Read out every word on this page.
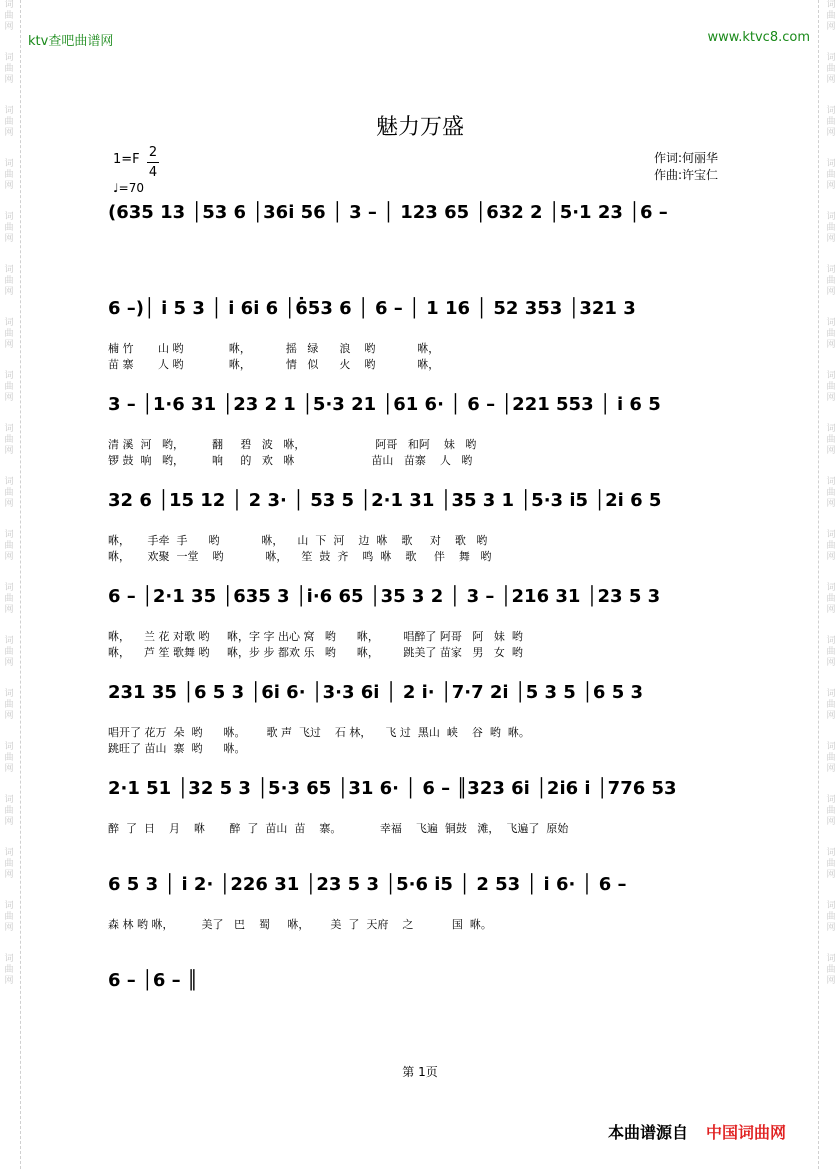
词
曲
网
词
曲
网
词
曲
网
词
曲
网
词
曲
网
词
曲
网
词
曲
网
词
曲
网
词
曲
网
词
曲
网
词
曲
网
词
曲
网
词
曲
网
词
曲
网
词
曲
网
词
曲
网
词
曲
网
词
曲
网
词
曲
网
词
曲
网
词
曲
网
词
曲
网
词
曲
网
词
曲
网
词
曲
网
词
曲
网
词
曲
网
词
曲
网
词
曲
网
词
曲
网
词
曲
网
词
曲
网
词
曲
网
词
曲
网
词
曲
网
词
曲
网
词
曲
网
词
曲
网
ktv查吧曲谱网	www.ktvc8.com
魅力万盛
1=F 2
4
♩=70
作词:何丽华
作曲:许宝仁
(635 13 │53 6 │36i 56 │ 3 – │ 123 65 │632 2 │5·1 23 │6 –
6 –)│ i 5 3 │ i 6i 6 │6̇53 6 │ 6 – │ 1 16 │ 52 353 │321 3
楠 竹       山 哟             咻，          摇   绿      浪    哟            咻，
苗 寨       人 哟             咻，          情   似      火    哟            咻，
3 – │1·6 31 │23 2 1 │5·3 21 │61 6· │ 6 – │221 553 │ i 6 5
清 溪  河   哟，        翻     碧   波   咻，                    阿哥   和阿    妹   哟
锣 鼓  响   哟，        响     的   欢   咻                      苗山   苗寨    人   哟
32 6 │15 12 │ 2 3· │ 53 5 │2·1 31 │35 3 1 │5·3 i5 │2i 6 5
咻，     手牵  手      哟            咻，    山  下  河    边  咻    歌     对    歌   哟
咻，     欢聚  一堂    哟            咻，    笙  鼓  齐    鸣  咻    歌     伴    舞   哟
6 – │2·1 35 │635 3 │i·6 65 │35 3 2 │ 3 – │216 31 │23 5 3
咻，    兰 花 对歌 哟     咻，字 字 出心 窝   哟      咻，       唱醉了 阿哥   阿   妹  哟
咻，    芦 笙 歌舞 哟     咻，步 步 都欢 乐   哟      咻，       跳美了 苗家   男   女  哟
231 35 │6 5 3 │6i 6· │3·3 6i │ 2 i· │7·7 2i │5 3 5 │6 5 3
唱开了 花万  朵  哟      咻。      歌 声  飞过    石 林，    飞 过  黑山  峡    谷  哟  咻。
跳旺了 苗山  寨  哟      咻。
2·1 51 │32 5 3 │5·3 65 │31 6· │ 6 – ║323 6i │2i6 i │776 53
醉  了  日    月    咻       醉  了  苗山  苗    寨。           幸福    飞遍  铜鼓   滩，  飞遍了  原始
6 5 3 │ i 2· │226 31 │23 5 3 │5·6 i5 │ 2 53 │ i 6· │ 6 –
森 林 哟 咻，        美了   巴    蜀     咻，      美  了  天府    之           国  咻。
6 – │6 – ║
第 1页
本曲谱源自 中国词曲网
